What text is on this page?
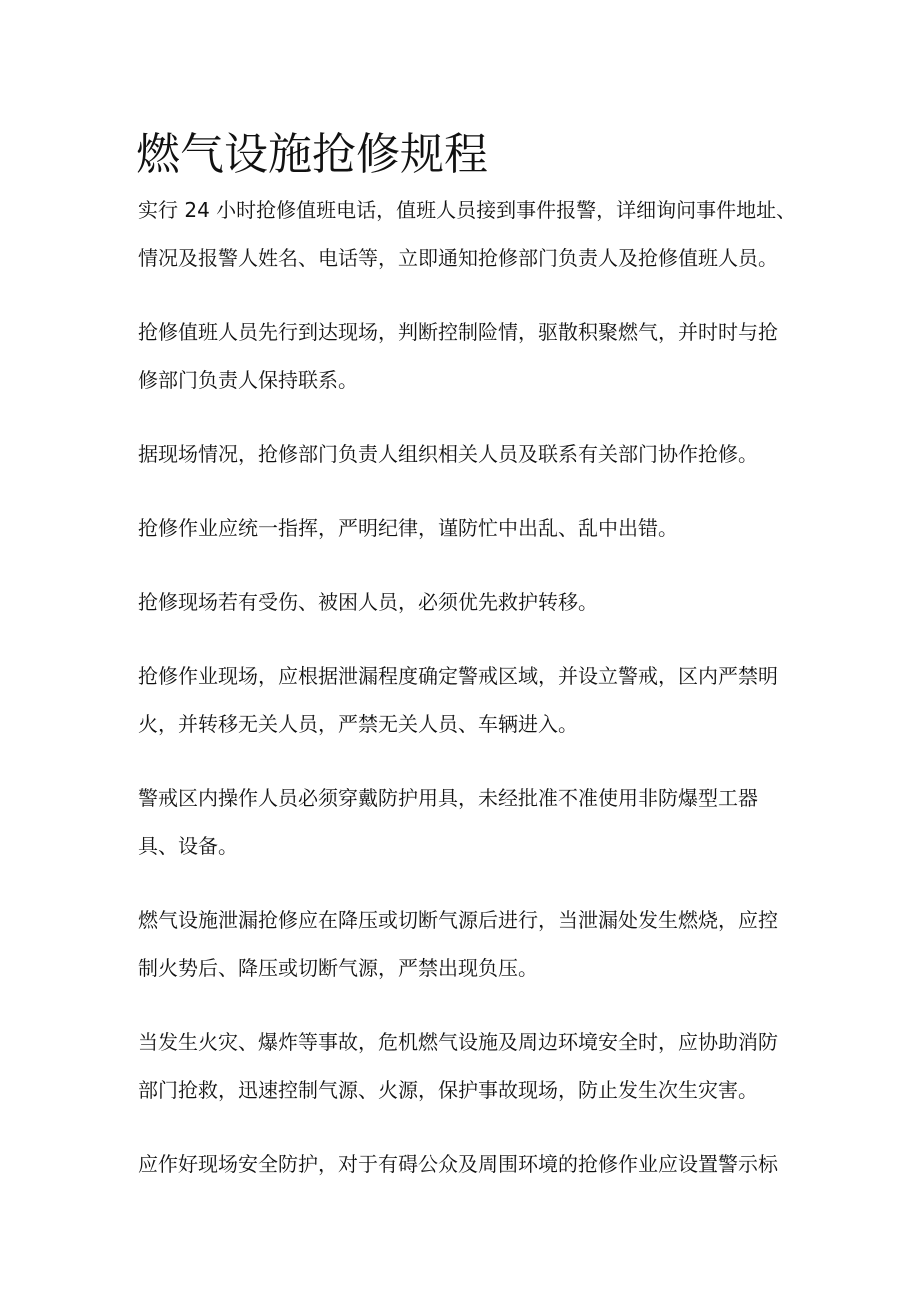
燃气设施抢修规程

实行 24 小时抢修值班电话，值班人员接到事件报警，详细询问事件地址、
情况及报警人姓名、电话等，立即通知抢修部门负责人及抢修值班人员。

抢修值班人员先行到达现场，判断控制险情，驱散积聚燃气，并时时与抢
修部门负责人保持联系。

据现场情况，抢修部门负责人组织相关人员及联系有关部门协作抢修。

抢修作业应统一指挥，严明纪律，谨防忙中出乱、乱中出错。

抢修现场若有受伤、被困人员，必须优先救护转移。

抢修作业现场，应根据泄漏程度确定警戒区域，并设立警戒，区内严禁明
火，并转移无关人员，严禁无关人员、车辆进入。

警戒区内操作人员必须穿戴防护用具，未经批准不准使用非防爆型工器
具、设备。

燃气设施泄漏抢修应在降压或切断气源后进行，当泄漏处发生燃烧，应控
制火势后、降压或切断气源，严禁出现负压。

当发生火灾、爆炸等事故，危机燃气设施及周边环境安全时，应协助消防
部门抢救，迅速控制气源、火源，保护事故现场，防止发生次生灾害。

应作好现场安全防护，对于有碍公众及周围环境的抢修作业应设置警示标
